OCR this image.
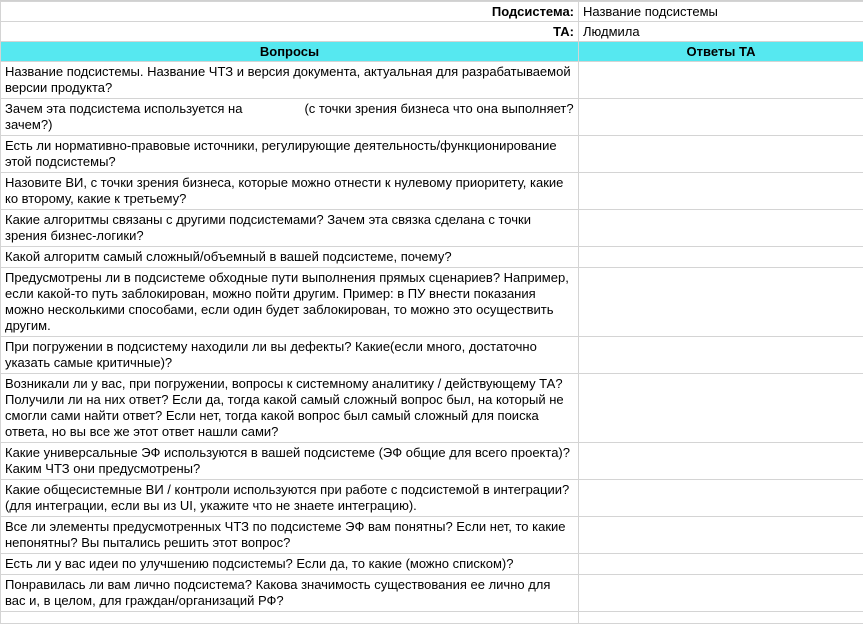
Подсистема:	Название подсистемы
ТА:	Людмила
Вопросы	Ответы ТА
Название подсистемы. Название ЧТЗ и версия документа, актуальная для разрабатываемой версии продукта?	
Зачем эта подсистема используется на (с точки зрения бизнеса что она выполняет? зачем?)	
Есть ли нормативно-правовые источники, регулирующие деятельность/функционирование этой подсистемы?	
Назовите ВИ, с точки зрения бизнеса, которые можно отнести к нулевому приоритету, какие ко второму, какие к третьему?	
Какие алгоритмы связаны с другими подсистемами? Зачем эта связка сделана с точки зрения бизнес-логики?	
Какой алгоритм самый сложный/объемный в вашей подсистеме, почему?	
Предусмотрены ли в подсистеме обходные пути выполнения прямых сценариев? Например, если какой-то путь заблокирован, можно пойти другим. Пример: в ПУ внести показания можно несколькими способами, если один будет заблокирован, то можно это осуществить другим.	
При погружении в подсистему находили ли вы дефекты? Какие(если много, достаточно указать самые критичные)?	
Возникали ли у вас, при погружении, вопросы к системному аналитику / действующему ТА? Получили ли на них ответ? Если да, тогда какой самый сложный вопрос был, на который не смогли сами найти ответ? Если нет, тогда какой вопрос был самый сложный для поиска ответа, но вы все же этот ответ нашли сами?	
Какие универсальные ЭФ используются в вашей подсистеме (ЭФ общие для всего проекта)? Каким ЧТЗ они предусмотрены?	
Какие общесистемные ВИ / контроли используются при работе с подсистемой в интеграции? (для интеграции, если вы из UI, укажите что не знаете интеграцию).	
Все ли элементы предусмотренных ЧТЗ по подсистеме ЭФ вам понятны? Если нет, то какие непонятны? Вы пытались решить этот вопрос?	
Есть ли у вас идеи по улучшению подсистемы? Если да, то какие (можно списком)?	
Понравилась ли вам лично подсистема? Какова значимость существования ее лично для вас и, в целом, для граждан/организаций РФ?	
